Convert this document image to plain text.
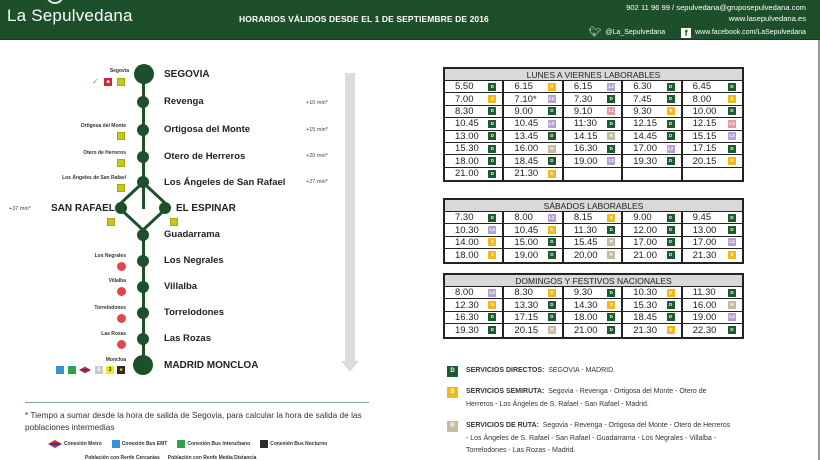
La Sepulvedana	HORARIOS VÁLIDOS DESDE EL 1 DE SEPTIEMBRE DE 2016
902 11 96 99 / sepulvedana@gruposepulvedana.com
www.lasepulvedana.es
🐦︎ @La_Sepulvedana	f	www.facebook.com/LaSepulvedana
SEGOVIA
Revenga
Ortigosa del Monte
Otero de Herreros
Los Ángeles de San Rafael
SAN RAFAEL	EL ESPINAR
Guadarrama
Los Negrales
Villalba
Torrelodones
Las Rozas
MADRID MONCLOA
+10 min*
+15 min*
+20 min*
+27 min*
+37 min*
Segovia
✓	■
Ortigosa del Monte
Otero de Herreros
Los Ángeles de San Rafael
Los Negrales
Villalba
Torrelodones
Las Rozas
Moncloa
6	3	■
* Tiempo a sumar desde la hora de salida de Segovia, para calcular la hora de salida de las poblaciones intermedias
Conexión Metro	Conexión Bus EMT	Conexión Bus Interurbano	Conexión Bus Nocturno
Población con Renfe Cercanías Población con Renfe Media Distancia
LUNES A VIERNES LABORABLES
5.50	D 6.15	S 6.15	L2 6.30	D 6.45	D
7.00	S 7.10*	L2 7.30	D 7.45	D 8.00	S
8.30	D 9.00	D 9.10	L1 9.30	S 10.00	D
10.45	D 10.45	L2 11:30	D 12.15	D 12.15	L1
13.00	D 13.45	D 14.15	R 14.45	D 15.15	L2
15.30	D 16.00	R 16.30	D 17.00	L2 17.15	D
18.00	D 18.45	D 19.00	L2 19.30	D 20.15	S
21.00	D 21.30	S
SÁBADOS LABORABLES
7.30	D 8.00	L2 8.15	S 9.00	D 9.45	D
10.30	L2 10.45	S 11.30	D 12.00	D 13.00	D
14.00	S 15.00	D 15.45	R 17.00	D 17.00	L2
18.00	S 19.00	D 20.00	R 21.00	D 21.30	S
DOMINGOS Y FESTIVOS NACIONALES
8.00	L2 8.30	S 9.30	D 10.30	S 11.30	D
12.30	S 13.30	D 14.30	S 15.30	D 16.00	R
16.30	D 17.15	D 18.00	D 18.45	D 19.00	L2
19.30	D 20.15	R 21.00	D 21.30	S 22.30	D
D	SERVICIOS DIRECTOS: SEGOVIA - MADRID.
S	SERVICIOS SEMIRUTA: Segovia - Revenga - Ortigosa del Monte - Otero de Herreros - Los Ángeles de S. Rafael - San Rafael - Madrid.
R	SERVICIOS DE RUTA: Segovia - Revenga - Ortigosa del Monte - Otero de Herreros - Los Ángeles de S. Rafael - San Rafael - Guadarrama - Los Negrales - Villalba - Torrelodones - Las Rozas - Madrid.
